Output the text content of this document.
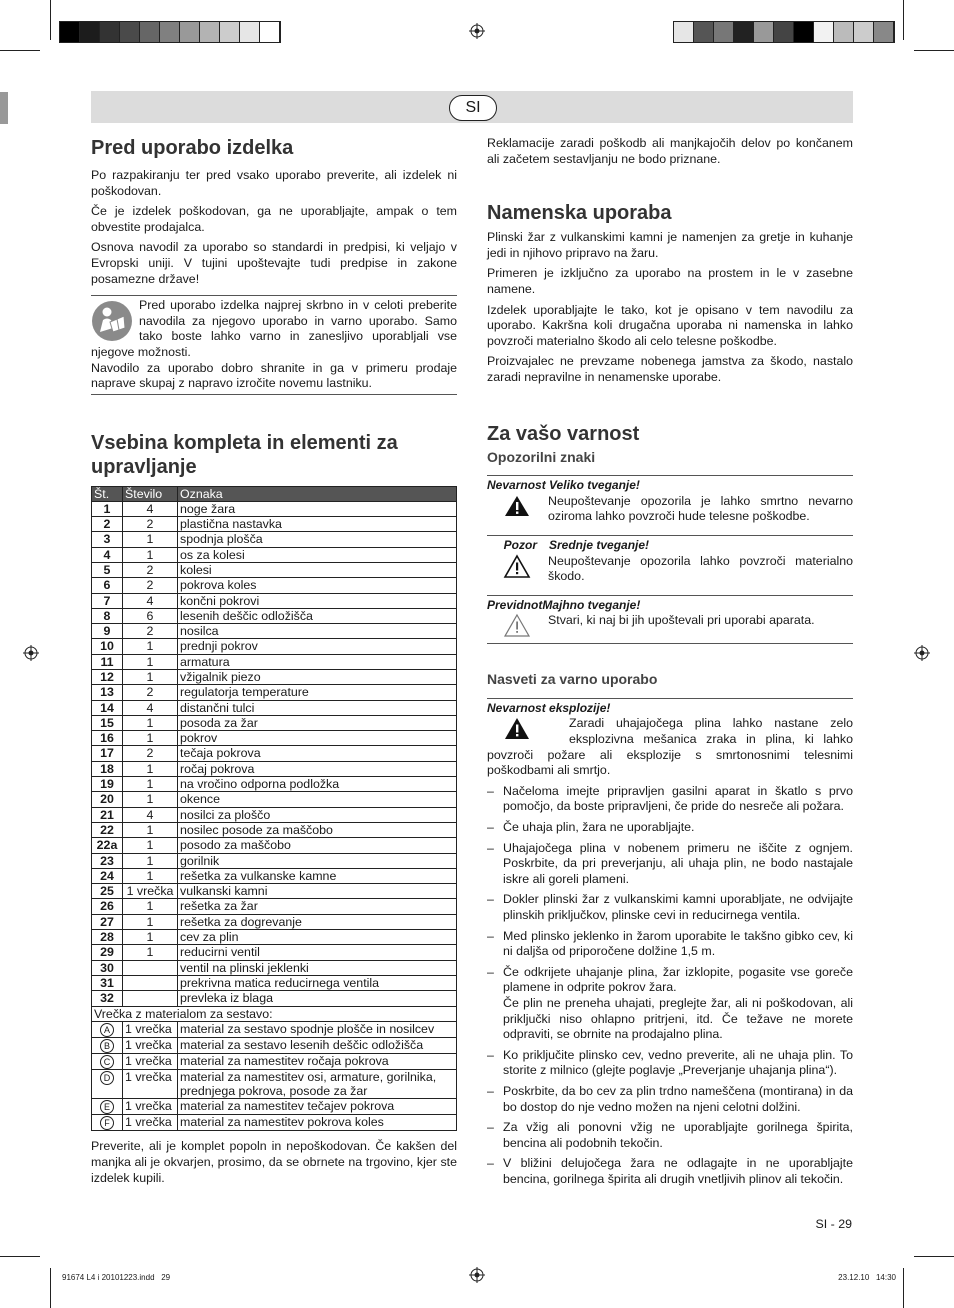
SI
Pred uporabo izdelka

Po razpakiranju ter pred vsako uporabo preverite, ali izdelek ni poškodovan.

Če je izdelek poškodovan, ga ne uporabljajte, ampak o tem obvestite prodajalca.

Osnova navodil za uporabo so standardi in predpisi, ki veljajo v Evropski uniji. V tujini upoštevajte tudi predpise in zakone posamezne države!

Pred uporabo izdelka najprej skrbno in v celoti preberite navodila za njegovo uporabo in varno uporabo. Samo tako boste lahko varno in zanesljivo uporabljali vse njegove možnosti.
Navodilo za uporabo dobro shranite in ga v primeru prodaje naprave skupaj z napravo izročite novemu lastniku.
Vsebina kompleta in elementi za upravljanje
Št.	Število	Oznaka
1	4	noge žara
2	2	plastična nastavka
3	1	spodnja plošča
4	1	os za kolesi
5	2	kolesi
6	2	pokrova koles
7	4	končni pokrovi
8	6	lesenih deščic odložišča
9	2	nosilca
10	1	prednji pokrov
11	1	armatura
12	1	vžigalnik piezo
13	2	regulatorja temperature
14	4	distančni tulci
15	1	posoda za žar
16	1	pokrov
17	2	tečaja pokrova
18	1	ročaj pokrova
19	1	na vročino odporna podložka
20	1	okence
21	4	nosilci za ploščo
22	1	nosilec posode za maščobo
22a	1	posodo za maščobo
23	1	gorilnik
24	1	rešetka za vulkanske kamne
25	1 vrečka	vulkanski kamni
26	1	rešetka za žar
27	1	rešetka za dogrevanje
28	1	cev za plin
29	1	reducirni ventil
30		ventil na plinski jeklenki
31		prekrivna matica reducirnega ventila
32		prevleka iz blaga
Vrečka z materialom za sestavo:		
A	1 vrečka	material za sestavo spodnje plošče in nosilcev
B	1 vrečka	material za sestavo lesenih deščic odložišča
C	1 vrečka	material za namestitev ročaja pokrova
D	1 vrečka	material za namestitev osi, armature, gorilnika, prednjega pokrova, posode za žar
E	1 vrečka	material za namestitev tečajev pokrova
F	1 vrečka	material za namestitev pokrova koles

Preverite, ali je komplet popoln in nepoškodovan. Če kakšen del manjka ali je okvarjen, prosimo, da se obrnete na trgovino, kjer ste izdelek kupili.

Reklamacije zaradi poškodb ali manjkajočih delov po končanem ali začetem sestavljanju ne bodo priznane.

Namenska uporaba

Plinski žar z vulkanskimi kamni je namenjen za gretje in kuhanje jedi in njihovo pripravo na žaru.

Primeren je izključno za uporabo na prostem in le v zasebne namene.

Izdelek uporabljajte le tako, kot je opisano v tem navodilu za uporabo. Kakršna koli drugačna uporaba ni namenska in lahko povzroči materialno škodo ali celo telesne poškodbe.

Proizvajalec ne prevzame nobenega jamstva za škodo, nastalo zaradi nepravilne in nenamenske uporabe.

Za vašo varnost
Opozorilni znaki
Nevarnost Veliko tveganje!
Neupoštevanje opozorila je lahko smrtno nevarno oziroma lahko povzroči hude telesne poškodbe.
Pozor Srednje tveganje!
Neupoštevanje opozorila lahko povzroči materialno škodo.
PrevidnotMajhno tveganje!
Stvari, ki naj bi jih upoštevali pri uporabi aparata.
Nasveti za varno uporabo
Nevarnost eksplozije!
Zaradi uhajajočega plina lahko nastane zelo eksplozivna mešanica zraka in plina, ki lahko povzroči požare ali eksplozije s smrtonosnimi telesnimi poškodbami ali smrtjo.
– Načeloma imejte pripravljen gasilni aparat in škatlo s prvo pomočjo, da boste pripravljeni, če pride do nesreče ali požara.
– Če uhaja plin, žara ne uporabljajte.
– Uhajajočega plina v nobenem primeru ne iščite z ognjem. Poskrbite, da pri preverjanju, ali uhaja plin, ne bodo nastajale iskre ali goreli plameni.
– Dokler plinski žar z vulkanskimi kamni uporabljate, ne odvijajte plinskih priključkov, plinske cevi in reducirnega ventila.
– Med plinsko jeklenko in žarom uporabite le takšno gibko cev, ki ni daljša od priporočene dolžine 1,5 m.
– Če odkrijete uhajanje plina, žar izklopite, pogasite vse goreče plamene in odprite pokrov žara.
Če plin ne preneha uhajati, preglejte žar, ali ni poškodovan, ali priključki niso ohlapno pritrjeni, itd. Če težave ne morete odpraviti, se obrnite na prodajalno plina.
– Ko priključite plinsko cev, vedno preverite, ali ne uhaja plin. To storite z milnico (glejte poglavje „Preverjanje uhajanja plina“).
– Poskrbite, da bo cev za plin trdno nameščena (montirana) in da bo dostop do nje vedno možen na njeni celotni dolžini.
– Za vžig ali ponovni vžig ne uporabljajte gorilnega špirita, bencina ali podobnih tekočin.
– V bližini delujočega žara ne odlagajte in ne uporabljajte bencina, gorilnega špirita ali drugih vnetljivih plinov ali tekočin.
SI - 29
91674 L4 i 20101223.indd   29	23.12.10   14:30
